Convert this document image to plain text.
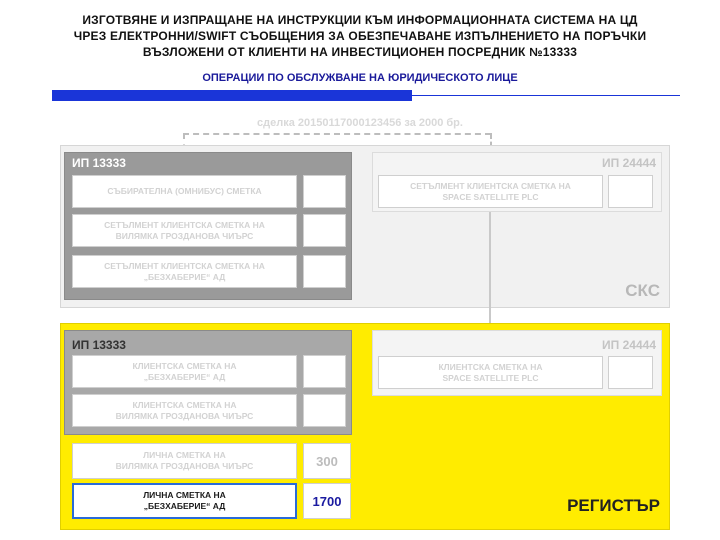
ИЗГОТВЯНЕ И ИЗПРАЩАНЕ НА ИНСТРУКЦИИ КЪМ ИНФОРМАЦИОННАТА СИСТЕМА НА ЦД
ЧРЕЗ ЕЛЕКТРОННИ/SWIFT СЪОБЩЕНИЯ ЗА ОБЕЗПЕЧАВАНЕ ИЗПЪЛНЕНИЕТО НА ПОРЪЧКИ
ВЪЗЛОЖЕНИ ОТ КЛИЕНТИ НА ИНВЕСТИЦИОНЕН ПОСРЕДНИК №13333
ОПЕРАЦИИ ПО ОБСЛУЖВАНЕ НА ЮРИДИЧЕСКОТО ЛИЦЕ
сделка 20150117000123456 за 2000 бр.
ИП 13333
СЪБИРАТЕЛНА (ОМНИБУС) СМЕТКА
СЕТЪЛМЕНТ КЛИЕНТСКА СМЕТКА НА
ВИЛЯМКА ГРОЗДАНОВА ЧИЪРС
СЕТЪЛМЕНТ КЛИЕНТСКА СМЕТКА НА
„БЕЗХАБЕРИЕ“ АД
ИП 24444
СЕТЪЛМЕНТ КЛИЕНТСКА СМЕТКА НА
SPACE SATELLITE PLC
СКС
ИП 13333
КЛИЕНТСКА СМЕТКА НА
„БЕЗХАБЕРИЕ“ АД
КЛИЕНТСКА СМЕТКА НА
ВИЛЯМКА ГРОЗДАНОВА ЧИЪРС
ИП 24444
КЛИЕНТСКА СМЕТКА НА
SPACE SATELLITE PLC
ЛИЧНА СМЕТКА НА
ВИЛЯМКА ГРОЗДАНОВА ЧИЪРС	300
ЛИЧНА СМЕТКА НА
„БЕЗХАБЕРИЕ“ АД	1700	РЕГИСТЪР
